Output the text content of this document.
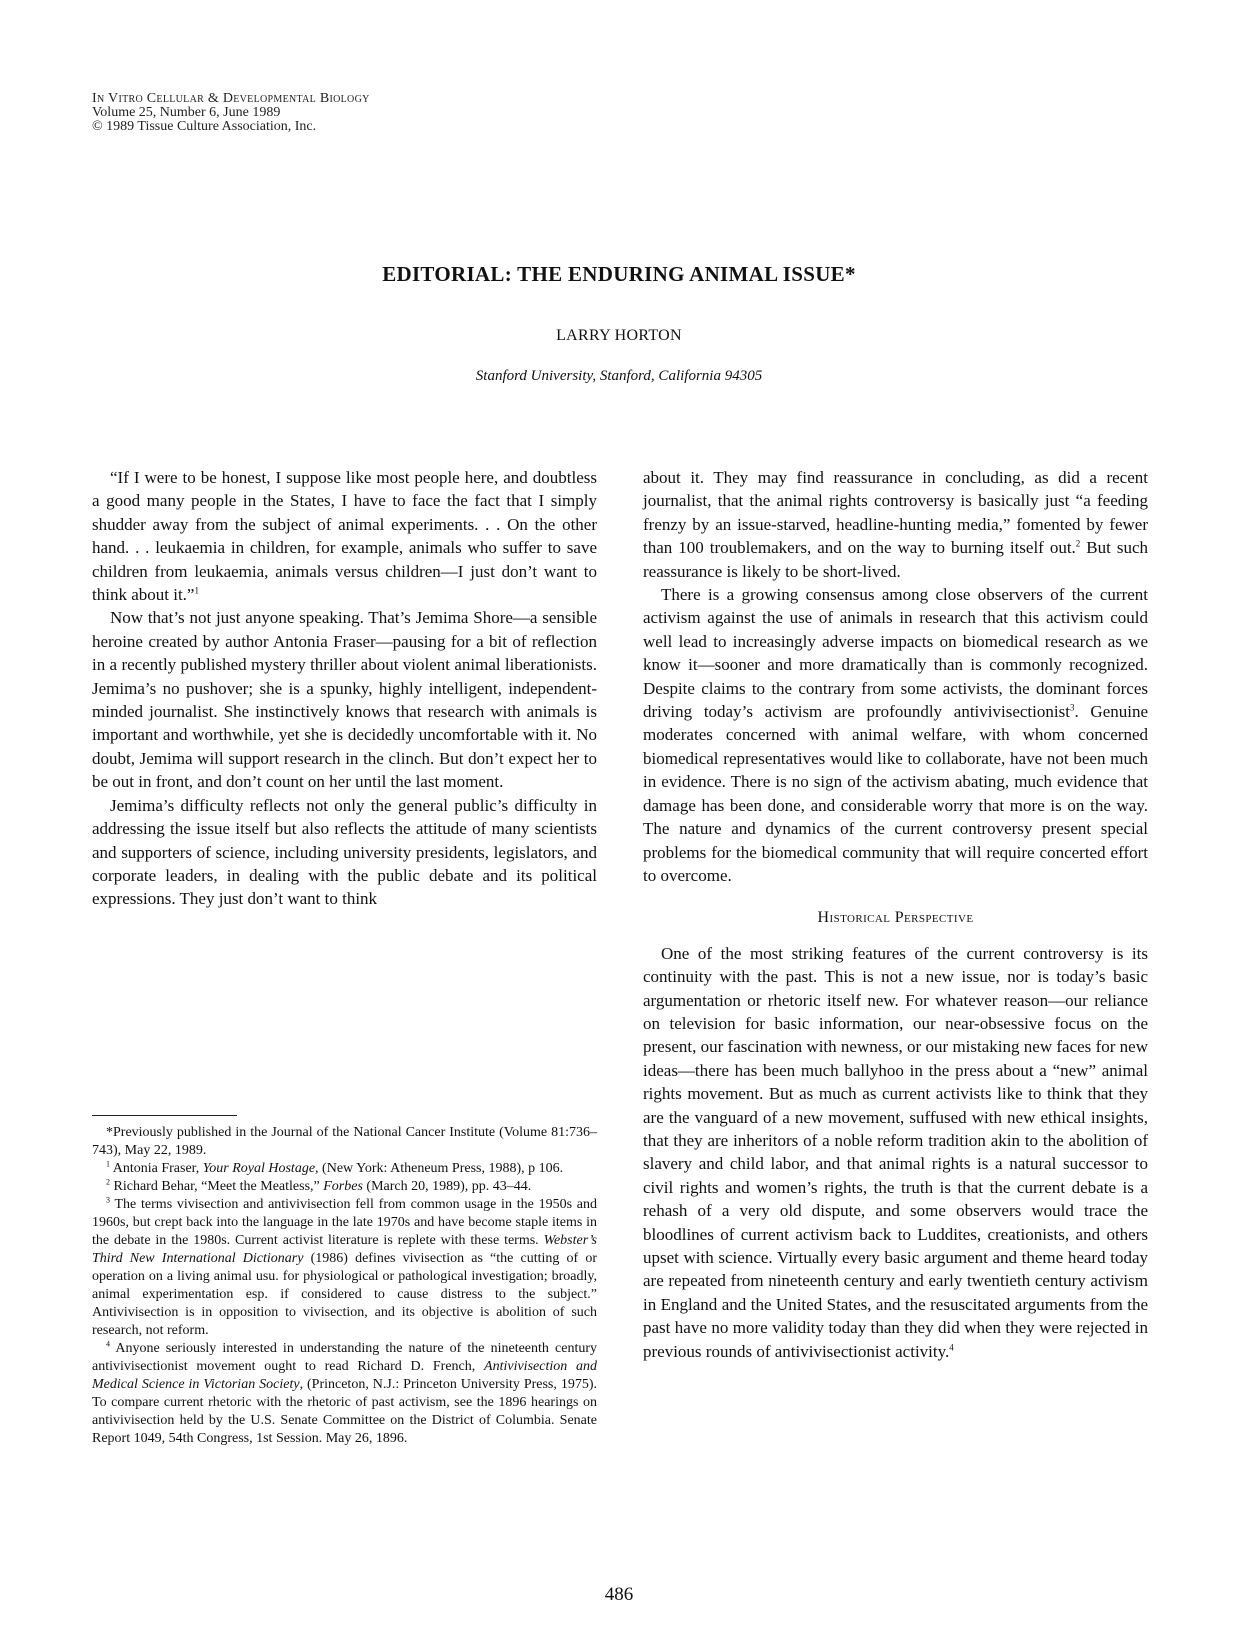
In Vitro Cellular & Developmental Biology
Volume 25, Number 6, June 1989
© 1989 Tissue Culture Association, Inc.
EDITORIAL: THE ENDURING ANIMAL ISSUE*
LARRY HORTON
Stanford University, Stanford, California 94305

“If I were to be honest, I suppose like most people here, and doubtless a good many people in the States, I have to face the fact that I simply shudder away from the subject of animal experiments. . . On the other hand. . . leukaemia in children, for example, animals who suffer to save children from leukaemia, animals versus children—I just don’t want to think about it.”$^1$

Now that’s not just anyone speaking. That’s Jemima Shore—a sensible heroine created by author Antonia Fraser—pausing for a bit of reflection in a recently published mystery thriller about violent animal liberationists. Jemima’s no pushover; she is a spunky, highly intelligent, independent-minded journalist. She instinctively knows that research with animals is important and worthwhile, yet she is decidedly uncomfortable with it. No doubt, Jemima will support research in the clinch. But don’t expect her to be out in front, and don’t count on her until the last moment.

Jemima’s difficulty reflects not only the general public’s difficulty in addressing the issue itself but also reflects the attitude of many scientists and supporters of science, including university presidents, legislators, and corporate leaders, in dealing with the public debate and its political expressions. They just don’t want to think

about it. They may find reassurance in concluding, as did a recent journalist, that the animal rights controversy is basically just “a feeding frenzy by an issue-starved, headline-hunting media,” fomented by fewer than 100 troublemakers, and on the way to burning itself out.$^2$ But such reassurance is likely to be short-lived.

There is a growing consensus among close observers of the current activism against the use of animals in research that this activism could well lead to increasingly adverse impacts on biomedical research as we know it—sooner and more dramatically than is commonly recognized. Despite claims to the contrary from some activists, the dominant forces driving today’s activism are profoundly antivivisectionist$^3$. Genuine moderates concerned with animal welfare, with whom concerned biomedical representatives would like to collaborate, have not been much in evidence. There is no sign of the activism abating, much evidence that damage has been done, and considerable worry that more is on the way. The nature and dynamics of the current controversy present special problems for the biomedical community that will require concerted effort to overcome.

Historical Perspective

One of the most striking features of the current controversy is its continuity with the past. This is not a new issue, nor is today’s basic argumentation or rhetoric itself new. For whatever reason—our reliance on television for basic information, our near-obsessive focus on the present, our fascination with newness, or our mistaking new faces for new ideas—there has been much ballyhoo in the press about a “new” animal rights movement. But as much as current activists like to think that they are the vanguard of a new movement, suffused with new ethical insights, that they are inheritors of a noble reform tradition akin to the abolition of slavery and child labor, and that animal rights is a natural successor to civil rights and women’s rights, the truth is that the current debate is a rehash of a very old dispute, and some observers would trace the bloodlines of current activism back to Luddites, creationists, and others upset with science. Virtually every basic argument and theme heard today are repeated from nineteenth century and early twentieth century activism in England and the United States, and the resuscitated arguments from the past have no more validity today than they did when they were rejected in previous rounds of antivivisectionist activity.$^4$

*Previously published in the Journal of the National Cancer Institute (Volume 81:736–743), May 22, 1989.

$^1$ Antonia Fraser, Your Royal Hostage, (New York: Atheneum Press, 1988), p 106.

$^2$ Richard Behar, “Meet the Meatless,” Forbes (March 20, 1989), pp. 43–44.

$^3$ The terms vivisection and antivivisection fell from common usage in the 1950s and 1960s, but crept back into the language in the late 1970s and have become staple items in the debate in the 1980s. Current activist literature is replete with these terms. Webster’s Third New International Dictionary (1986) defines vivisection as “the cutting of or operation on a living animal usu. for physiological or pathological investigation; broadly, animal experimentation esp. if considered to cause distress to the subject.” Antivivisection is in opposition to vivisection, and its objective is abolition of such research, not reform.

$^4$ Anyone seriously interested in understanding the nature of the nineteenth century antivivisectionist movement ought to read Richard D. French, Antivivisection and Medical Science in Victorian Society, (Princeton, N.J.: Princeton University Press, 1975). To compare current rhetoric with the rhetoric of past activism, see the 1896 hearings on antivivisection held by the U.S. Senate Committee on the District of Columbia. Senate Report 1049, 54th Congress, 1st Session. May 26, 1896.

486
